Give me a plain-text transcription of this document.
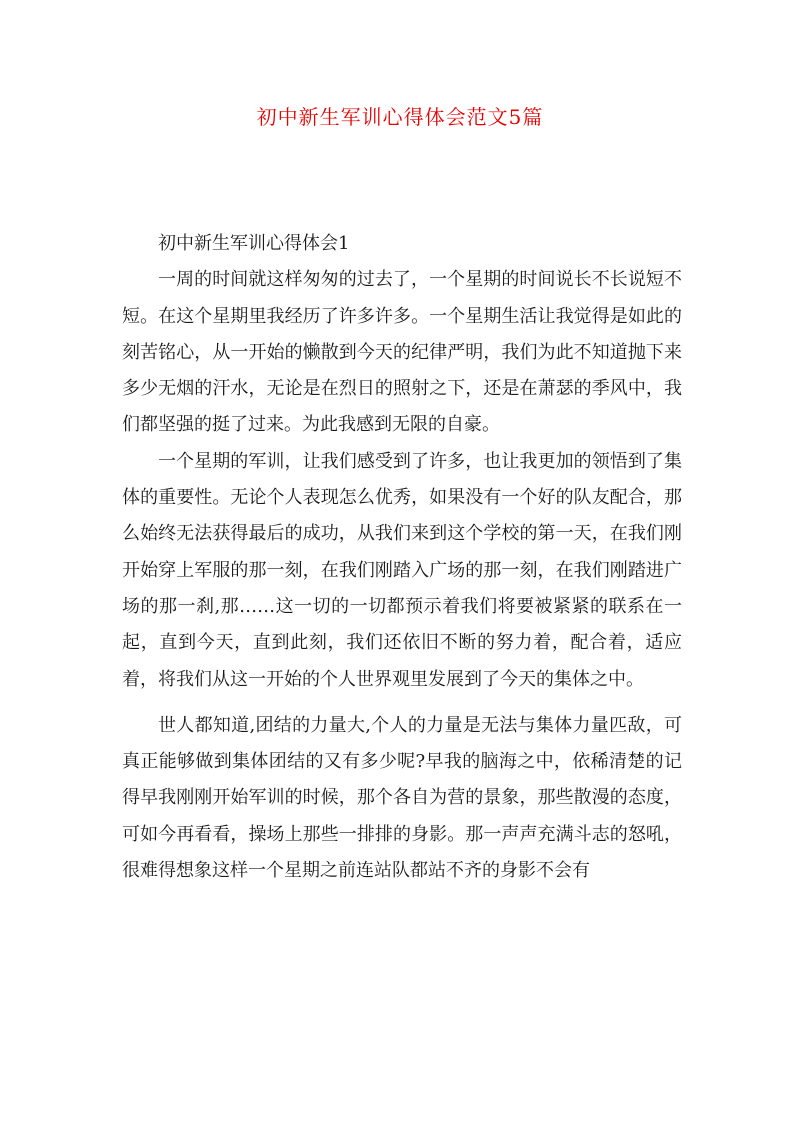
初中新生军训心得体会范文5篇
初中新生军训心得体会1

一周的时间就这样匆匆的过去了，一个星期的时间说长不长说短不短。在这个星期里我经历了许多许多。一个星期生活让我觉得是如此的刻苦铭心，从一开始的懒散到今天的纪律严明，我们为此不知道抛下来多少无烟的汗水，无论是在烈日的照射之下，还是在萧瑟的季风中，我们都坚强的挺了过来。为此我感到无限的自豪。

一个星期的军训，让我们感受到了许多，也让我更加的领悟到了集体的重要性。无论个人表现怎么优秀，如果没有一个好的队友配合，那么始终无法获得最后的成功，从我们来到这个学校的第一天，在我们刚开始穿上军服的那一刻，在我们刚踏入广场的那一刻，在我们刚踏进广场的那一刹,那……这一切的一切都预示着我们将要被紧紧的联系在一起，直到今天，直到此刻，我们还依旧不断的努力着，配合着，适应着，将我们从这一开始的个人世界观里发展到了今天的集体之中。

世人都知道,团结的力量大,个人的力量是无法与集体力量匹敌，可真正能够做到集体团结的又有多少呢?早我的脑海之中，依稀清楚的记得早我刚刚开始军训的时候，那个各自为营的景象，那些散漫的态度，可如今再看看，操场上那些一排排的身影。那一声声充满斗志的怒吼，很难得想象这样一个星期之前连站队都站不齐的身影不会有
